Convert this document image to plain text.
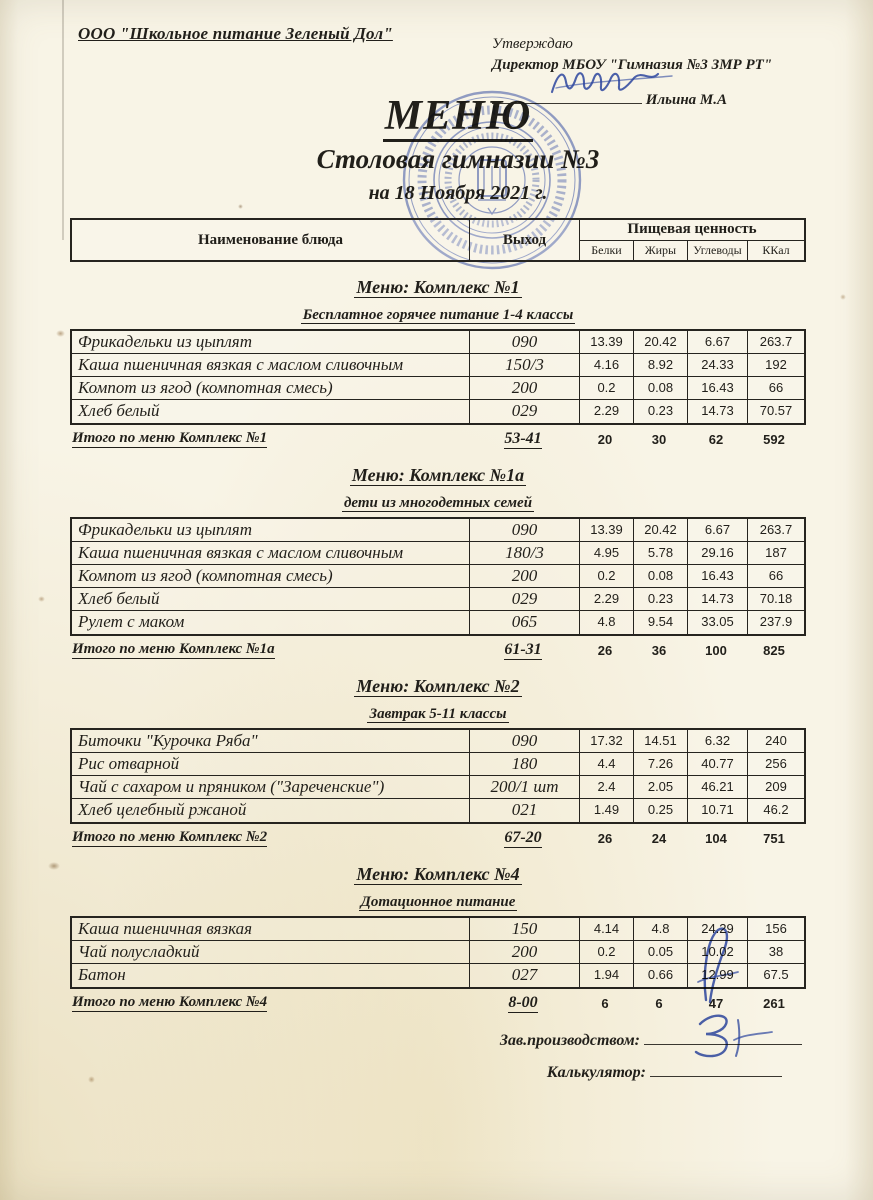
ООО "Школьное питание Зеленый Дол"
Утверждаю
Директор МБОУ "Гимназия №3 ЗМР РТ"
Ильина М.А
МЕНЮ
Столовая гимназии №3
на 18 Ноября 2021 г.
Наименование блюда	Выход
Пищевая ценность
Белки	Жиры	Углеводы	ККал
Меню: Комплекс №1
Бесплатное горячее питание 1-4 классы
Фрикадельки из цыплят	090	13.39	20.42	6.67	263.7
Каша пшеничная вязкая с маслом сливочным	150/3	4.16	8.92	24.33	192
Компот из ягод (компотная смесь)	200	0.2	0.08	16.43	66
Хлеб белый	029	2.29	0.23	14.73	70.57
Итого по меню Комплекс №1	53-41	20	30	62	592
Меню: Комплекс №1а
дети из многодетных семей
Фрикадельки из цыплят	090	13.39	20.42	6.67	263.7
Каша пшеничная вязкая с маслом сливочным	180/3	4.95	5.78	29.16	187
Компот из ягод (компотная смесь)	200	0.2	0.08	16.43	66
Хлеб белый	029	2.29	0.23	14.73	70.18
Рулет с маком	065	4.8	9.54	33.05	237.9
Итого по меню Комплекс №1а	61-31	26	36	100	825
Меню: Комплекс №2
Завтрак 5-11 классы
Биточки "Курочка Ряба"	090	17.32	14.51	6.32	240
Рис отварной	180	4.4	7.26	40.77	256
Чай с сахаром и пряником ("Зареченские")	200/1 шт	2.4	2.05	46.21	209
Хлеб целебный ржаной	021	1.49	0.25	10.71	46.2
Итого по меню Комплекс №2	67-20	26	24	104	751
Меню: Комплекс №4
Дотационное питание
Каша пшеничная вязкая	150	4.14	4.8	24.29	156
Чай полусладкий	200	0.2	0.05	10.02	38
Батон	027	1.94	0.66	12.99	67.5
Итого по меню Комплекс №4	8-00	6	6	47	261
Зав.производством:
Калькулятор:
